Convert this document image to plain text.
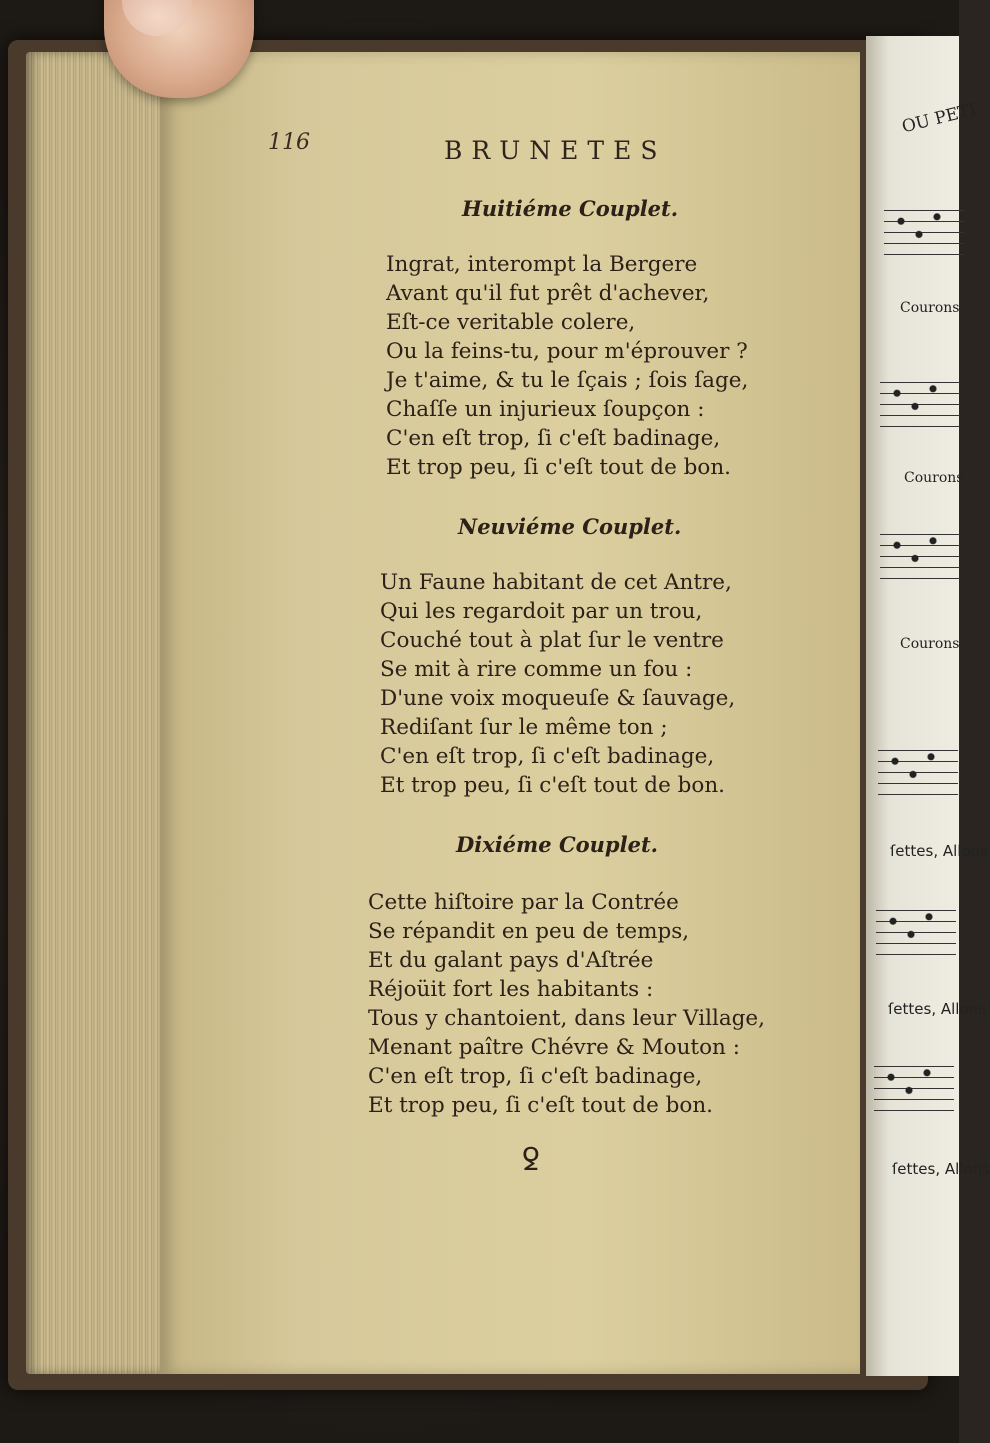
116	BRUNETES
Huitiéme Couplet.
Ingrat, interompt la Bergere
Avant qu'il fut prêt d'achever,
Eſt-ce veritable colere,
Ou la feins-tu, pour m'éprouver ?
Je t'aime, & tu le ſçais ; ſois ſage,
Chaſſe un injurieux ſoupçon :
C'en eſt trop, ſi c'eſt badinage,
Et trop peu, ſi c'eſt tout de bon.
Neuviéme Couplet.
Un Faune habitant de cet Antre,
Qui les regardoit par un trou,
Couché tout à plat ſur le ventre
Se mit à rire comme un fou :
D'une voix moqueuſe & ſauvage,
Rediſant ſur le même ton ;
C'en eſt trop, ſi c'eſt badinage,
Et trop peu, ſi c'eſt tout de bon.
Dixiéme Couplet.
Cette hiſtoire par la Contrée
Se répandit en peu de temps,
Et du galant pays d'Aſtrée
Réjoüit fort les habitants :
Tous y chantoient, dans leur Village,
Menant paître Chévre & Mouton :
C'en eſt trop, ſi c'eſt badinage,
Et trop peu, ſi c'eſt tout de bon.
ꝿ
OU PETI
Courons
Courons
Courons
ſettes, Allons
ſettes, Allons
ſettes, Allons
